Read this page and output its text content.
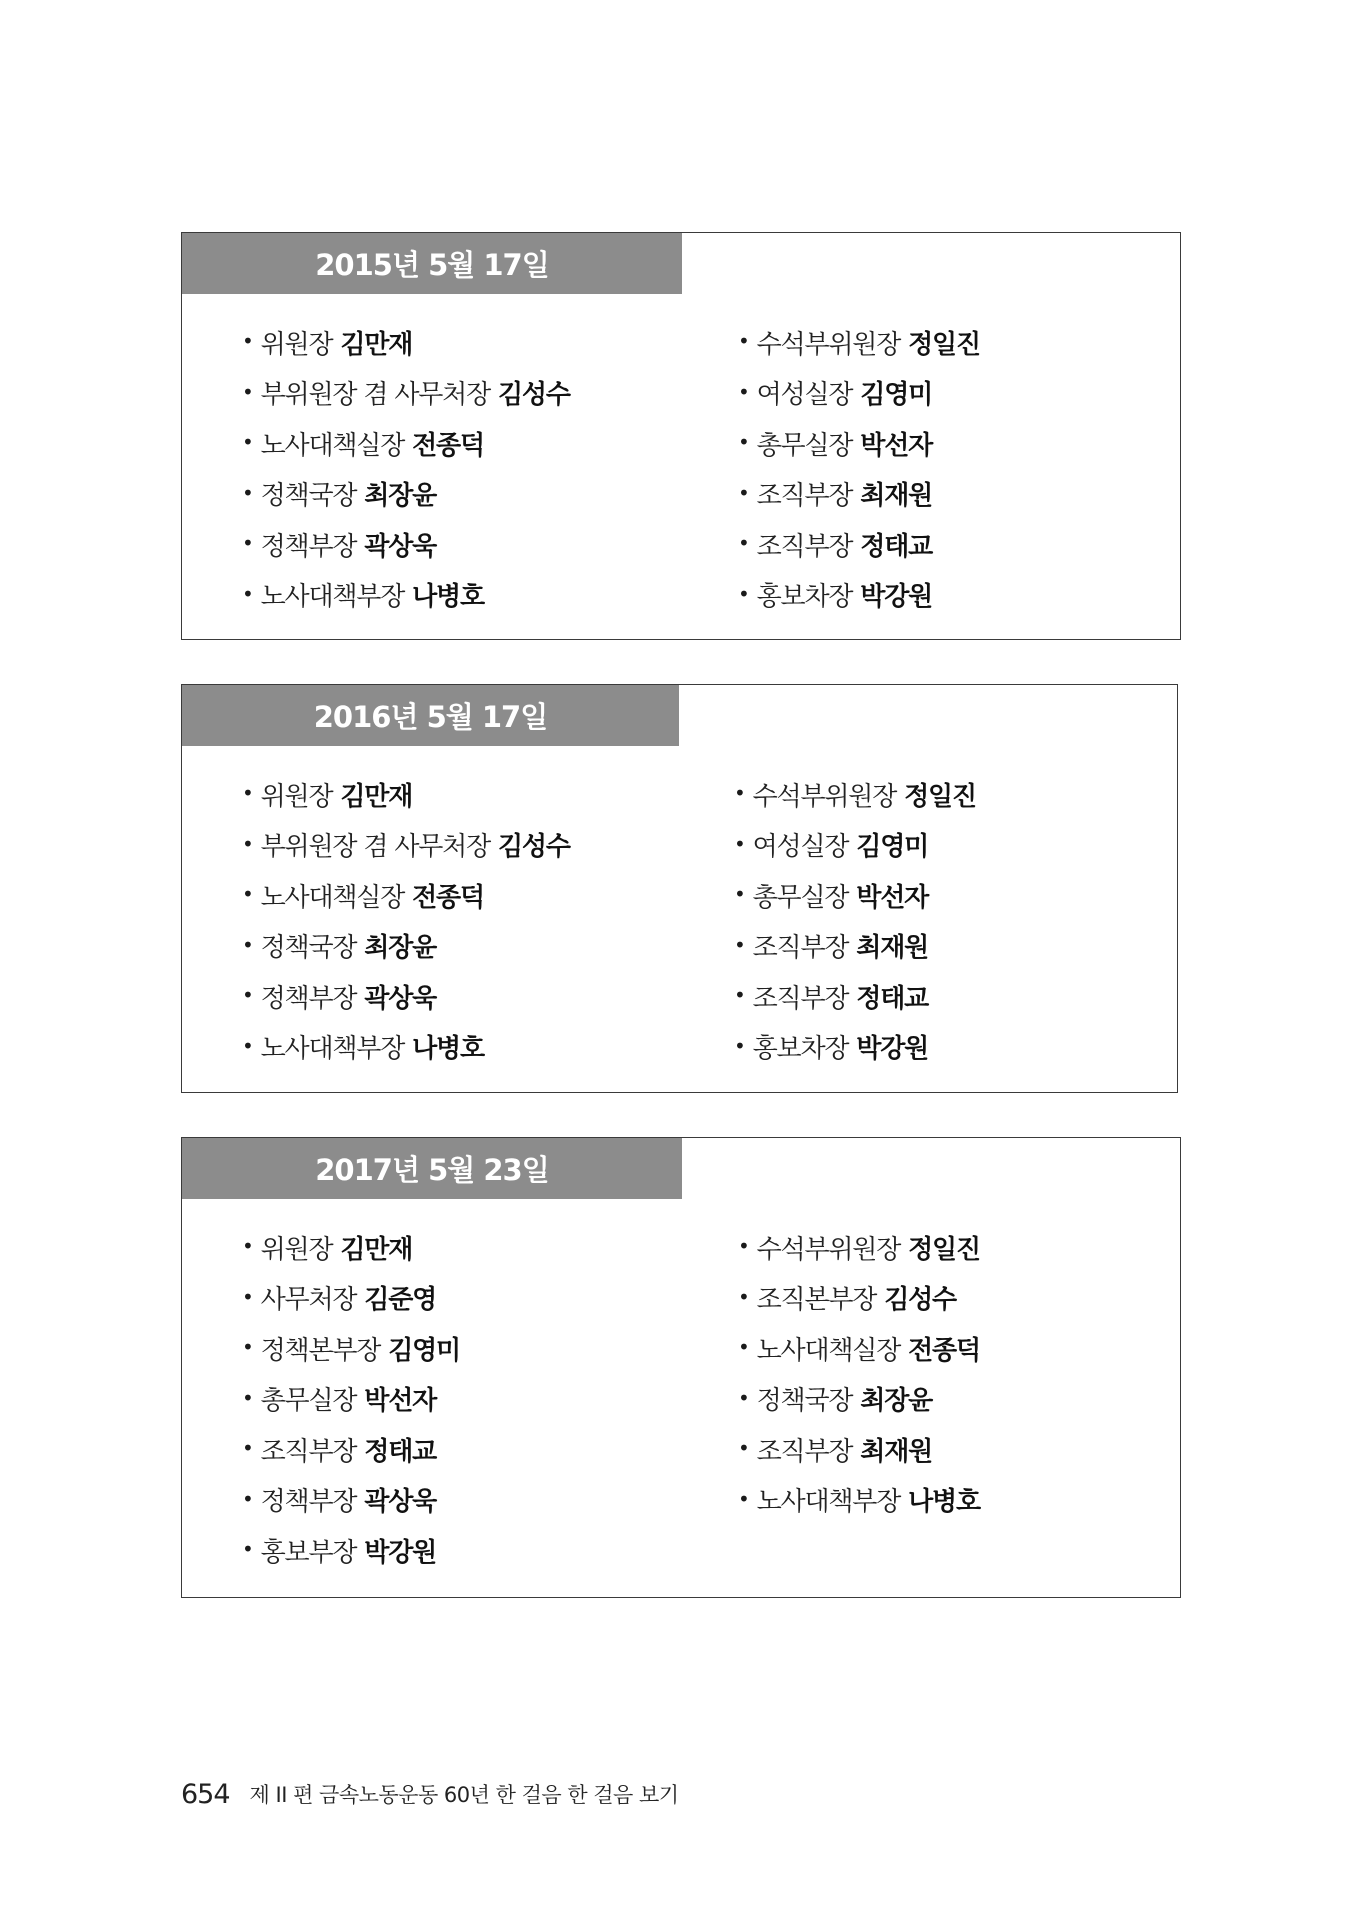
2015년 5월 17일
• 위원장 김만재
• 부위원장 겸 사무처장 김성수
• 노사대책실장 전종덕
• 정책국장 최장윤
• 정책부장 곽상욱
• 노사대책부장 나병호
• 수석부위원장 정일진
• 여성실장 김영미
• 총무실장 박선자
• 조직부장 최재원
• 조직부장 정태교
• 홍보차장 박강원
2016년 5월 17일
• 위원장 김만재
• 부위원장 겸 사무처장 김성수
• 노사대책실장 전종덕
• 정책국장 최장윤
• 정책부장 곽상욱
• 노사대책부장 나병호
• 수석부위원장 정일진
• 여성실장 김영미
• 총무실장 박선자
• 조직부장 최재원
• 조직부장 정태교
• 홍보차장 박강원
2017년 5월 23일
• 위원장 김만재
• 사무처장 김준영
• 정책본부장 김영미
• 총무실장 박선자
• 조직부장 정태교
• 정책부장 곽상욱
• 홍보부장 박강원
• 수석부위원장 정일진
• 조직본부장 김성수
• 노사대책실장 전종덕
• 정책국장 최장윤
• 조직부장 최재원
• 노사대책부장 나병호
654 제 II 편 금속노동운동 60년 한 걸음 한 걸음 보기
